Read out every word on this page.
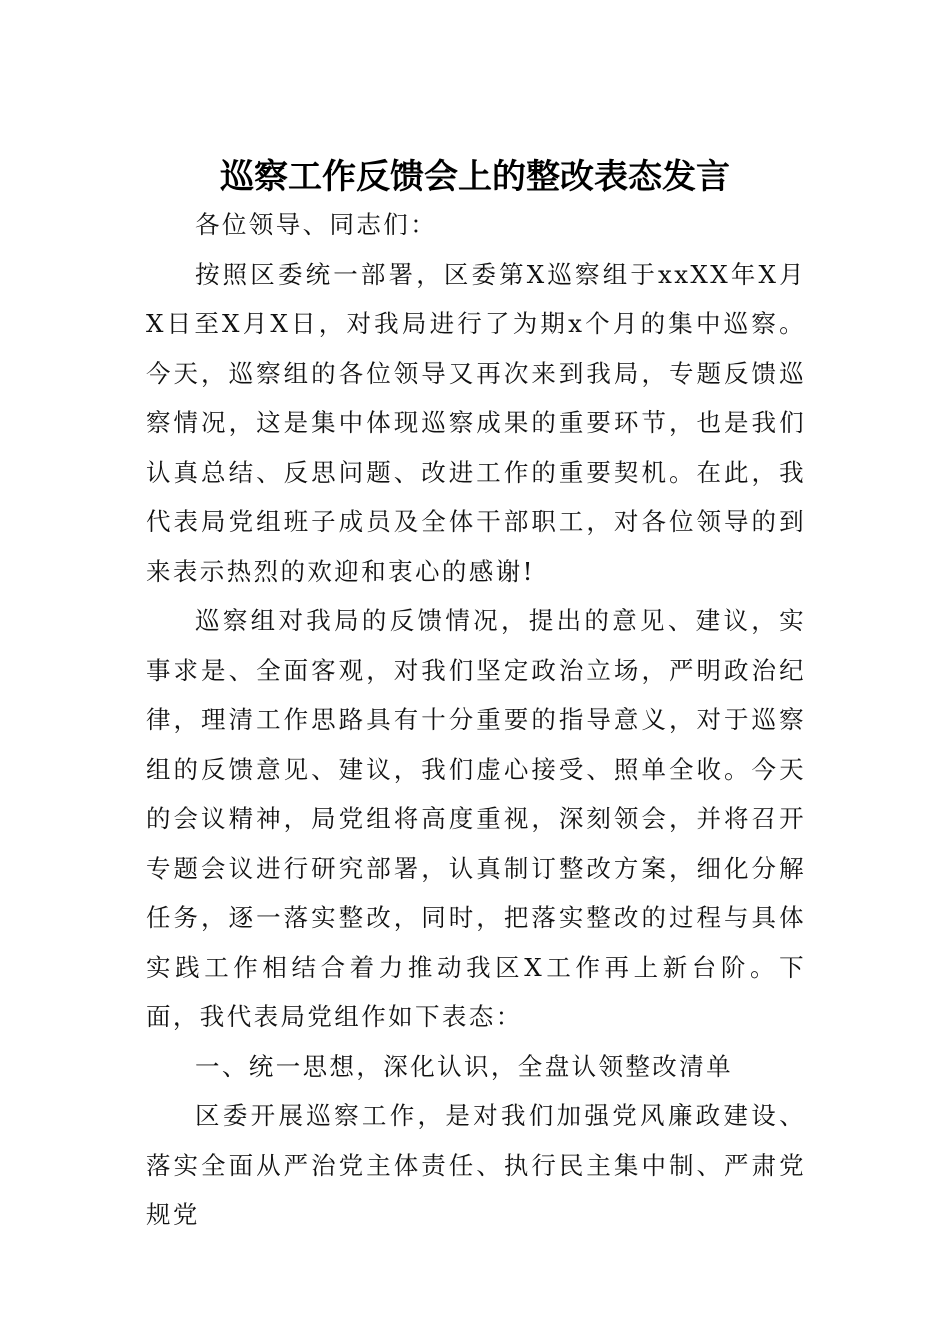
巡察工作反馈会上的整改表态发言

各位领导、同志们：

按照区委统一部署，区委第X巡察组于xxXX年X月X日至X月X日，对我局进行了为期x个月的集中巡察。今天，巡察组的各位领导又再次来到我局，专题反馈巡察情况，这是集中体现巡察成果的重要环节，也是我们认真总结、反思问题、改进工作的重要契机。在此，我代表局党组班子成员及全体干部职工，对各位领导的到来表示热烈的欢迎和衷心的感谢!

巡察组对我局的反馈情况，提出的意见、建议，实事求是、全面客观，对我们坚定政治立场，严明政治纪律，理清工作思路具有十分重要的指导意义，对于巡察组的反馈意见、建议，我们虚心接受、照单全收。今天的会议精神，局党组将高度重视，深刻领会，并将召开专题会议进行研究部署，认真制订整改方案，细化分解任务，逐一落实整改，同时，把落实整改的过程与具体实践工作相结合着力推动我区X工作再上新台阶。下面，我代表局党组作如下表态：

一、统一思想，深化认识，全盘认领整改清单

区委开展巡察工作，是对我们加强党风廉政建设、落实全面从严治党主体责任、执行民主集中制、严肃党规党
